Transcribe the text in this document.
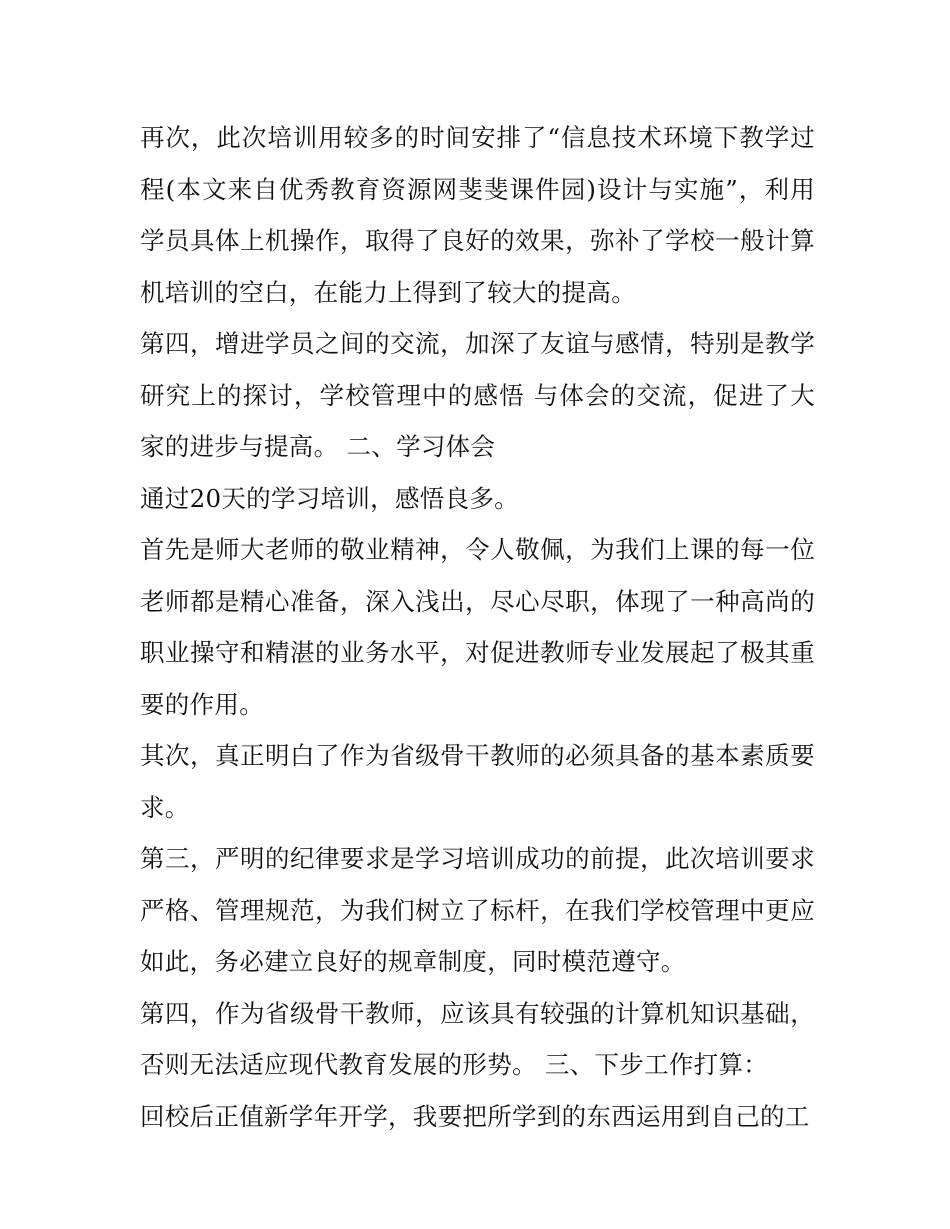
再次，此次培训用较多的时间安排了“信息技术环境下教学过程(本文来自优秀教育资源网斐斐课件园)设计与实施”，利用学员具体上机操作，取得了良好的效果，弥补了学校一般计算机培训的空白，在能力上得到了较大的提高。

第四，增进学员之间的交流，加深了友谊与感情，特别是教学研究上的探讨，学校管理中的感悟 与体会的交流，促进了大家的进步与提高。 二、学习体会

通过20天的学习培训，感悟良多。

首先是师大老师的敬业精神，令人敬佩，为我们上课的每一位老师都是精心准备，深入浅出，尽心尽职，体现了一种高尚的职业操守和精湛的业务水平，对促进教师专业发展起了极其重要的作用。

其次，真正明白了作为省级骨干教师的必须具备的基本素质要求。

第三，严明的纪律要求是学习培训成功的前提，此次培训要求严格、管理规范，为我们树立了标杆，在我们学校管理中更应如此，务必建立良好的规章制度，同时模范遵守。

第四，作为省级骨干教师，应该具有较强的计算机知识基础，否则无法适应现代教育发展的形势。 三、下步工作打算：

回校后正值新学年开学，我要把所学到的东西运用到自己的工
